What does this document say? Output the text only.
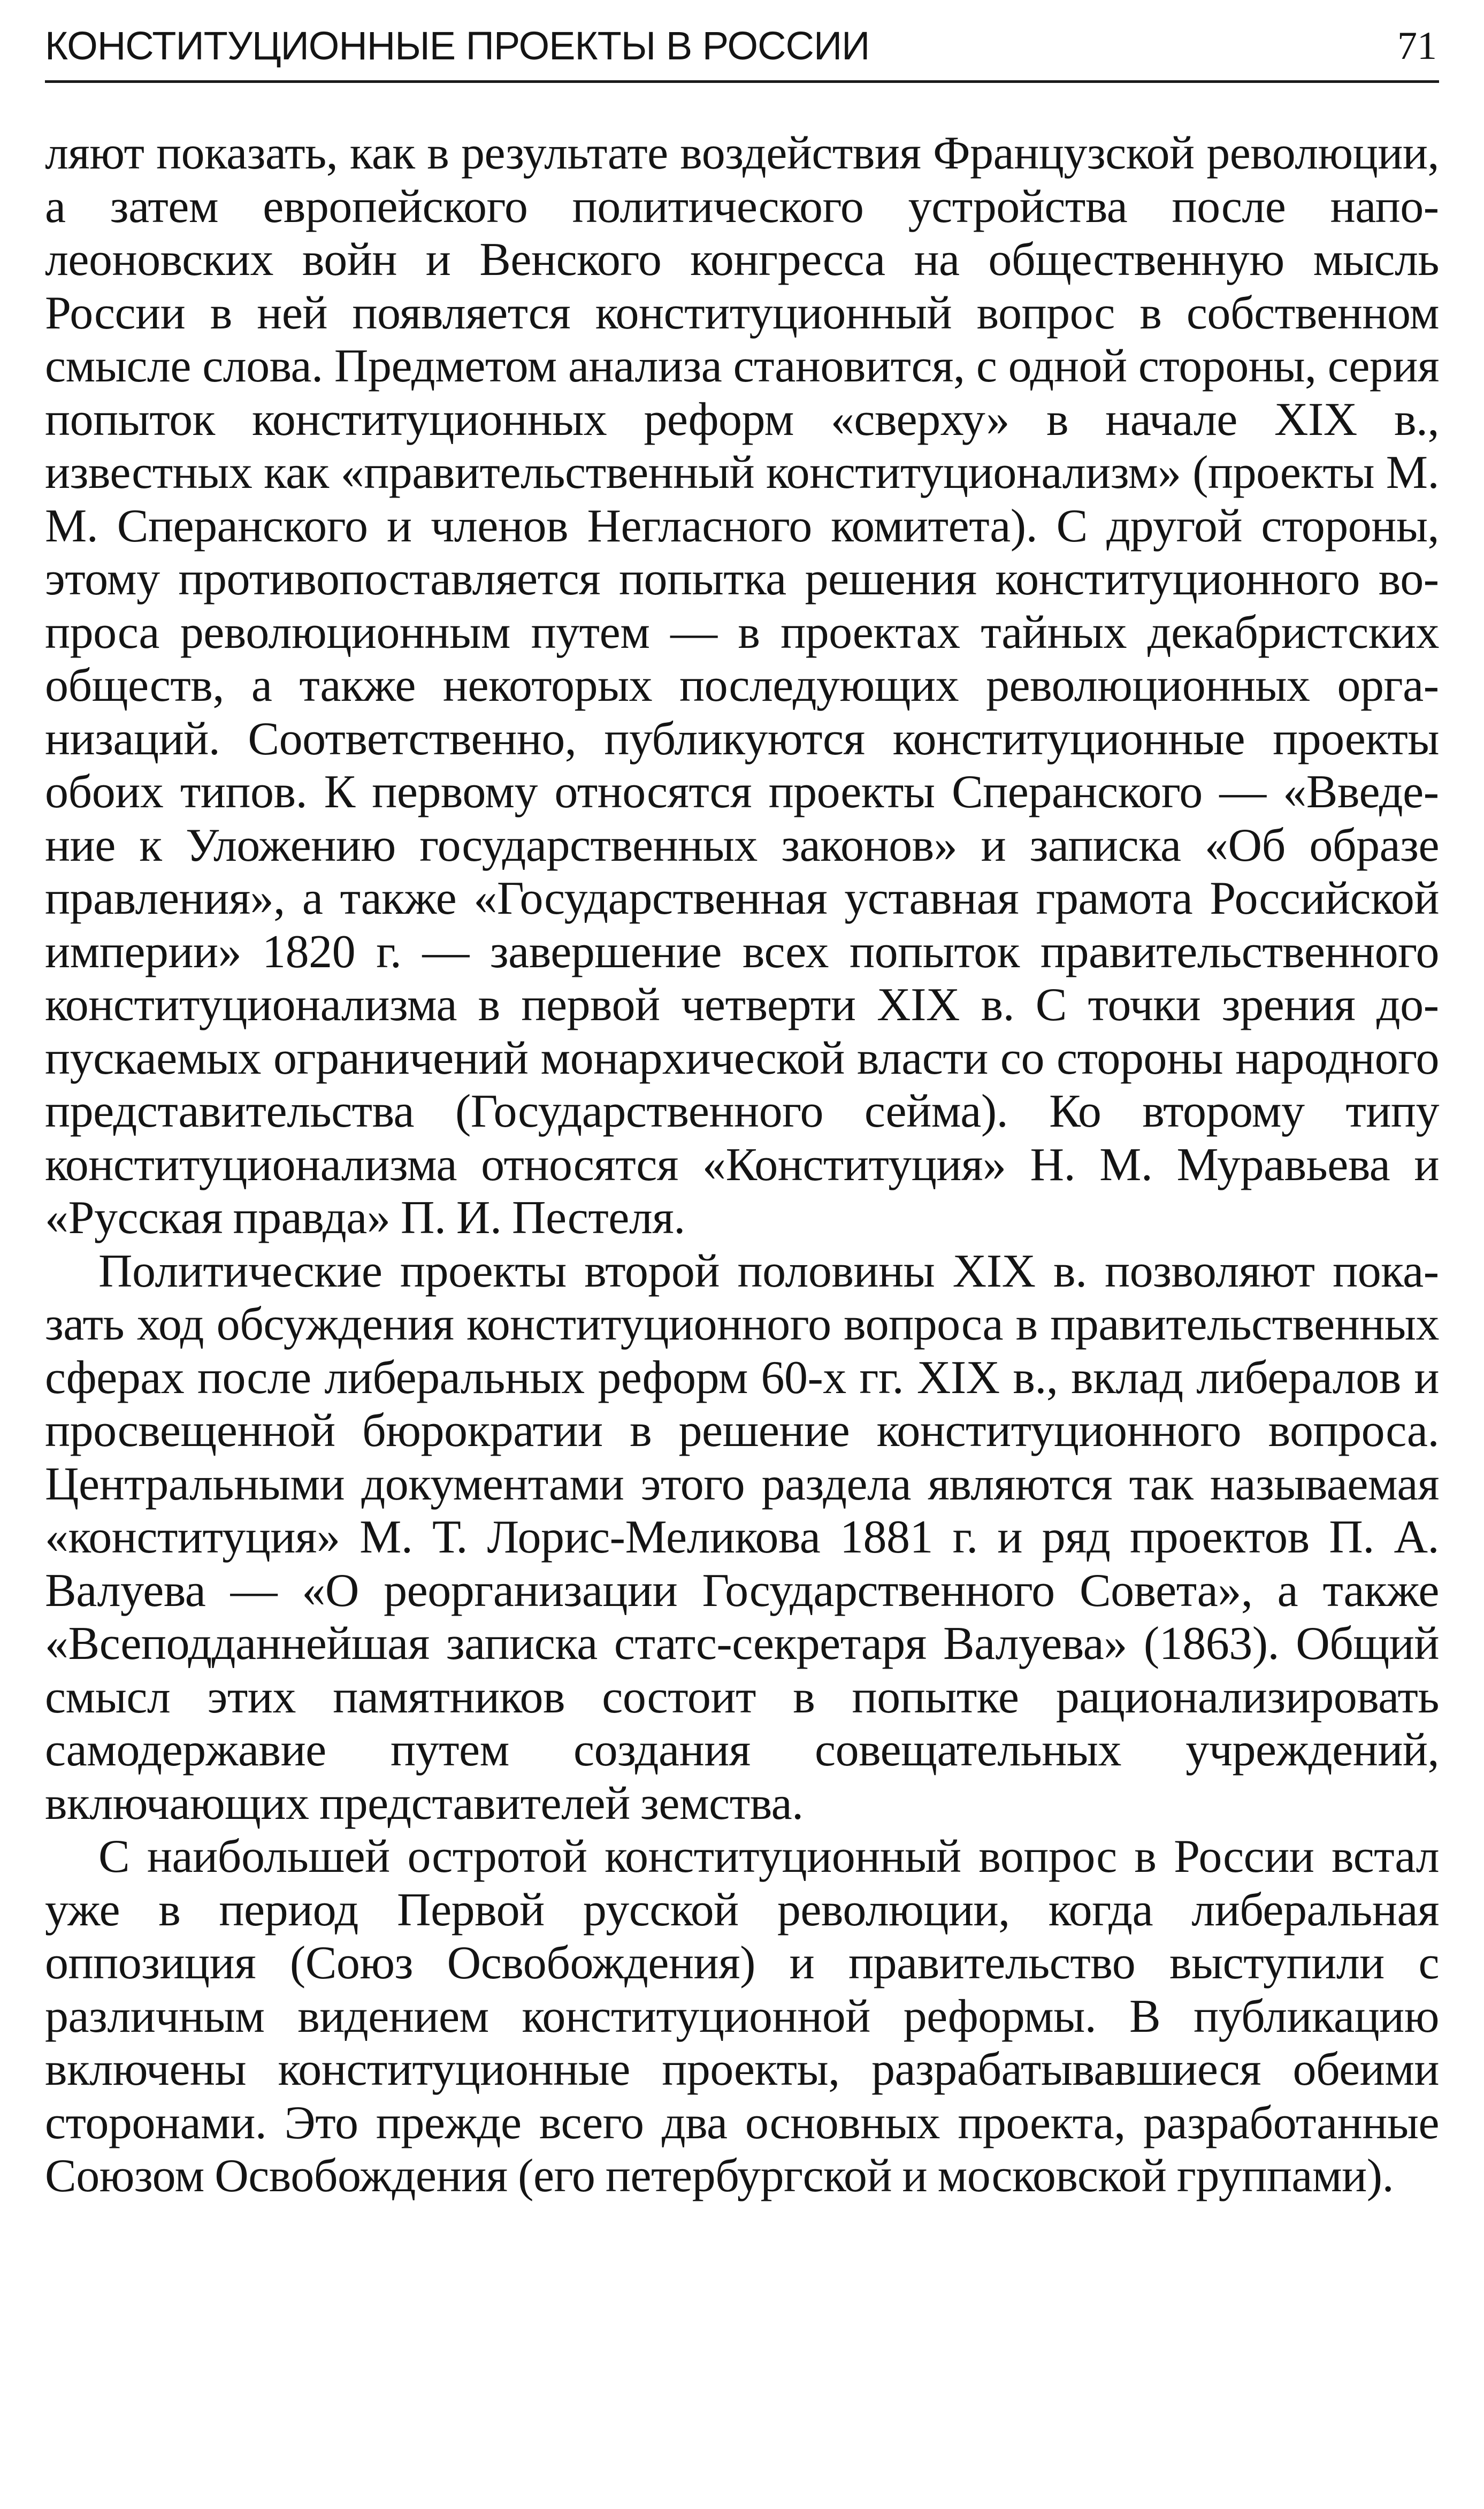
КОНСТИТУЦИОННЫЕ ПРОЕКТЫ В РОССИИ	71

ляют показать, как в результате воздействия Французской революции, а затем европейского политического устройства после наполеоновских войн и Венского конгресса на общественную мысль России в ней появляется конституционный вопрос в собственном смысле слова. Предметом анализа становится, с одной стороны, серия попыток конституционных реформ «сверху» в начале XIX в., известных как «правительственный конституционализм» (проекты М. М. Сперанского и членов Негласного комитета). С другой стороны, этому противопоставляется попытка решения конституционного вопроса революционным путем — в проектах тайных декабристских обществ, а также некоторых последующих революционных организаций. Соответственно, публикуются конституционные проекты обоих типов. К первому относятся проекты Сперанского — «Введение к Уложению государственных законов» и записка «Об образе правления», а также «Государственная уставная грамота Российской империи» 1820 г. — завершение всех попыток правительственного конституционализма в первой четверти XIX в. С точки зрения допускаемых ограничений монархической власти со стороны народного представительства (Государственного сейма). Ко второму типу конституционализма относятся «Конституция» Н. М. Муравьева и «Русская правда» П. И. Пестеля.

Политические проекты второй половины XIX в. позволяют показать ход обсуждения конституционного вопроса в правительственных сферах после либеральных реформ 60-х гг. XIX в., вклад либералов и просвещенной бюрократии в решение конституционного вопроса. Центральными документами этого раздела являются так называемая «конституция» М. Т. Лорис-Меликова 1881 г. и ряд проектов П. А. Валуева — «О реорганизации Государственного Совета», а также «Всеподданнейшая записка статс-секретаря Валуева» (1863). Общий смысл этих памятников состоит в попытке рационализировать самодержавие путем создания совещательных учреждений, включающих представителей земства.

С наибольшей остротой конституционный вопрос в России встал уже в период Первой русской революции, когда либеральная оппозиция (Союз Освобождения) и правительство выступили с различным видением конституционной реформы. В публикацию включены конституционные проекты, разрабатывавшиеся обеими сторонами. Это прежде всего два основных проекта, разработанные Союзом Освобождения (его петербургской и московской группами).
